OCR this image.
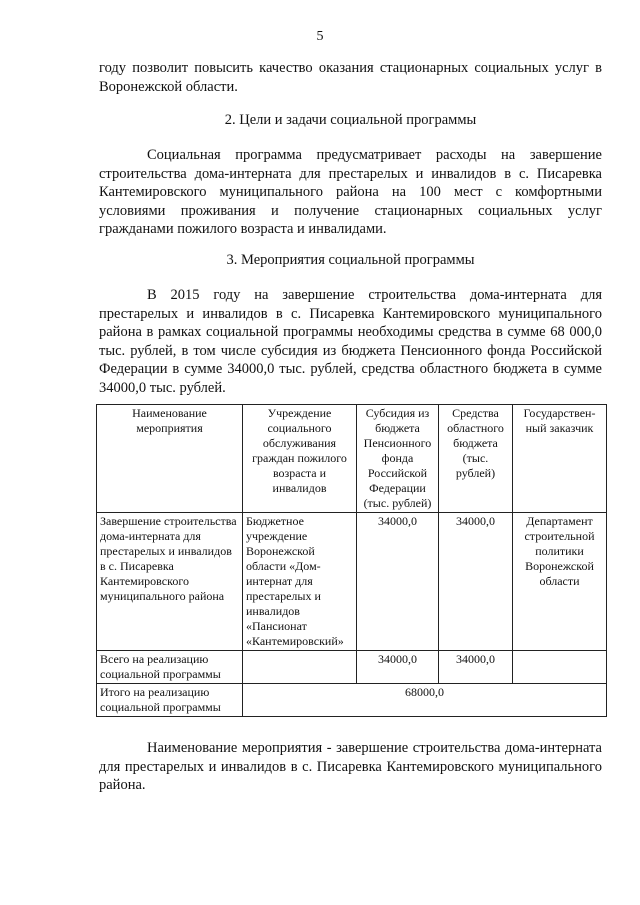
5

году позволит повысить качество оказания стационарных социальных услуг в Воронежской области.

2. Цели и задачи социальной программы

Социальная программа предусматривает расходы на завершение строительства дома-интерната для престарелых и инвалидов в с. Писаревка Кантемировского муниципального района на 100 мест с комфортными условиями проживания и получение стационарных социальных услуг гражданами пожилого возраста и инвалидами.

3. Мероприятия социальной программы

В 2015 году на завершение строительства дома-интерната для престарелых и инвалидов в с. Писаревка Кантемировского муниципального района в рамках социальной программы необходимы средства в сумме 68 000,0 тыс. рублей, в том числе субсидия из бюджета Пенсионного фонда Российской Федерации в сумме 34000,0 тыс. рублей, средства областного бюджета в сумме 34000,0 тыс. рублей.

Наименование мероприятия	Учреждение социального обслуживания граждан пожилого возраста и инвалидов	Субсидия из бюджета Пенсионного фонда Российской Федерации (тыс. рублей)	Средства областного бюджета (тыс. рублей)	Государствен-ный заказчик
Завершение строительства дома-интерната для престарелых и инвалидов в с. Писаревка Кантемировского муниципального района	Бюджетное учреждение Воронежской области «Дом-интернат для престарелых и инвалидов «Пансионат «Кантемировский»	34000,0	34000,0	Департамент строительной политики Воронежской области
Всего на реализацию социальной программы		34000,0	34000,0	
Итого на реализацию социальной программы	68000,0			

Наименование мероприятия - завершение строительства дома-интерната для престарелых и инвалидов в с. Писаревка Кантемировского муниципального района.
